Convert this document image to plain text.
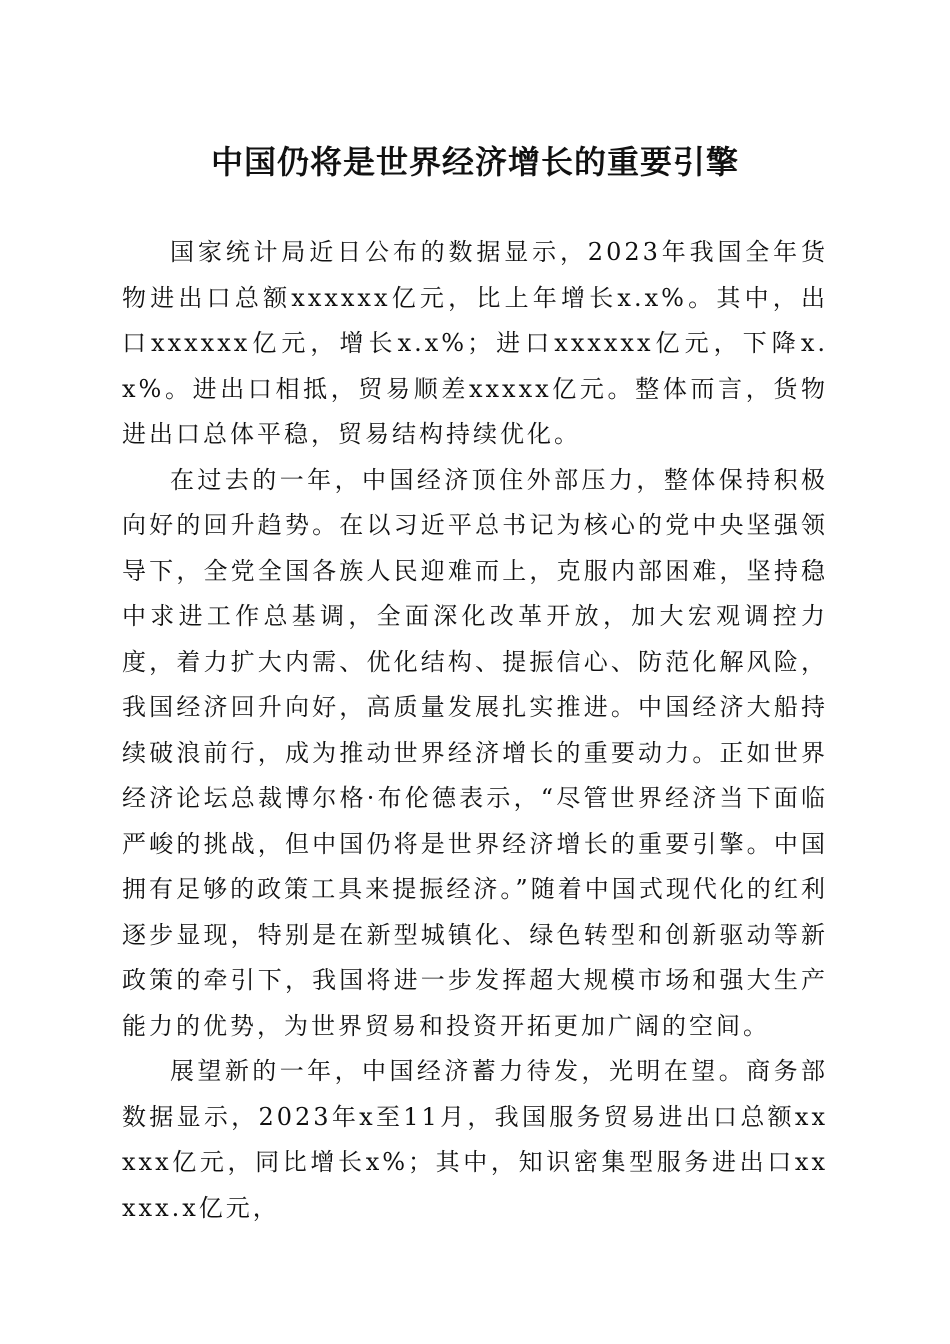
中国仍将是世界经济增长的重要引擎

国家统计局近日公布的数据显示，2023年我国全年货物进出口总额xxxxxx亿元，比上年增长x.x%。其中，出口xxxxxx亿元，增长x.x%；进口xxxxxx亿元，下降x.x%。进出口相抵，贸易顺差xxxxx亿元。整体而言，货物进出口总体平稳，贸易结构持续优化。

在过去的一年，中国经济顶住外部压力，整体保持积极向好的回升趋势。在以习近平总书记为核心的党中央坚强领导下，全党全国各族人民迎难而上，克服内部困难，坚持稳中求进工作总基调，全面深化改革开放，加大宏观调控力度，着力扩大内需、优化结构、提振信心、防范化解风险，我国经济回升向好，高质量发展扎实推进。中国经济大船持续破浪前行，成为推动世界经济增长的重要动力。正如世界经济论坛总裁博尔格·布伦德表示，“尽管世界经济当下面临严峻的挑战，但中国仍将是世界经济增长的重要引擎。中国拥有足够的政策工具来提振经济。”随着中国式现代化的红利逐步显现，特别是在新型城镇化、绿色转型和创新驱动等新政策的牵引下，我国将进一步发挥超大规模市场和强大生产能力的优势，为世界贸易和投资开拓更加广阔的空间。

展望新的一年，中国经济蓄力待发，光明在望。商务部数据显示，2023年x至11月，我国服务贸易进出口总额xxxxx亿元，同比增长x%；其中，知识密集型服务进出口xxxxx.x亿元，
